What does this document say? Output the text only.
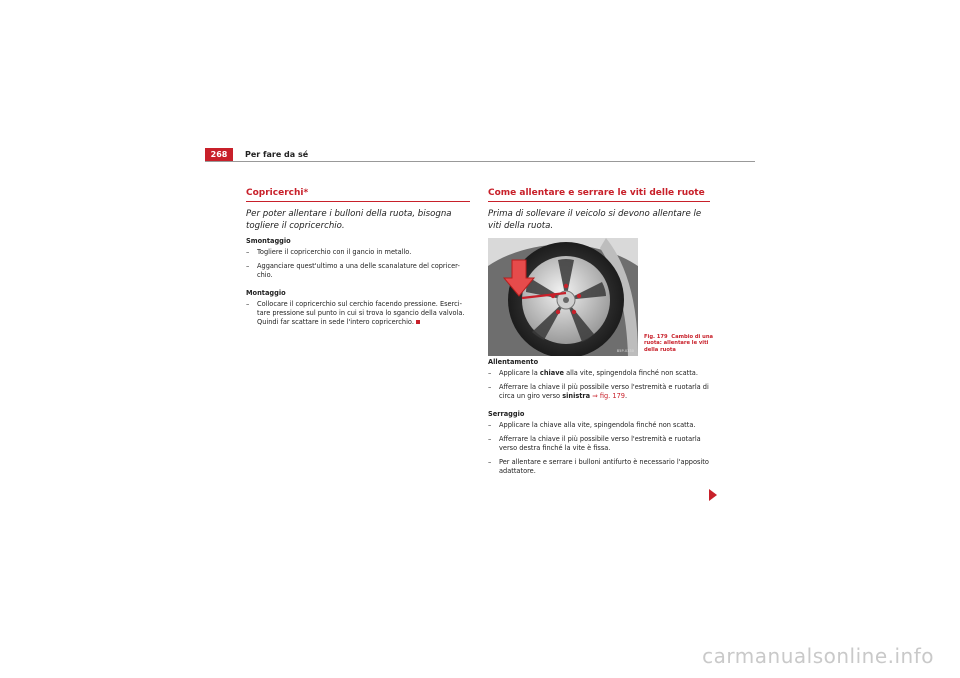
268	Per fare da sé
Copricerchi*

Per poter allentare i bulloni della ruota, bisogna togliere il copricerchio.

Smontaggio

– Togliere il copricerchio con il gancio in metallo.

– Agganciare quest'ultimo a una delle scanalature del copricer-chio.

Montaggio

– Collocare il copricerchio sul cerchio facendo pressione. Eserci-tare pressione sul punto in cui si trova lo sgancio della valvola. Quindi far scattare in sede l'intero copricerchio.

Come allentare e serrare le viti delle ruote

Prima di sollevare il veicolo si devono allentare le viti della ruota.

B5P-0330
Fig. 179 Cambio di una ruota: allentare le viti della ruota

Allentamento

– Applicare la chiave alla vite, spingendola finché non scatta.

– Afferrare la chiave il più possibile verso l'estremità e ruotarla di circa un giro verso sinistra ⇒ fig. 179.

Serraggio

– Applicare la chiave alla vite, spingendola finché non scatta.

– Afferrare la chiave il più possibile verso l'estremità e ruotarla verso destra finché la vite è fissa.

– Per allentare e serrare i bulloni antifurto è necessario l'apposito adattatore.

carmanualsonline.info
